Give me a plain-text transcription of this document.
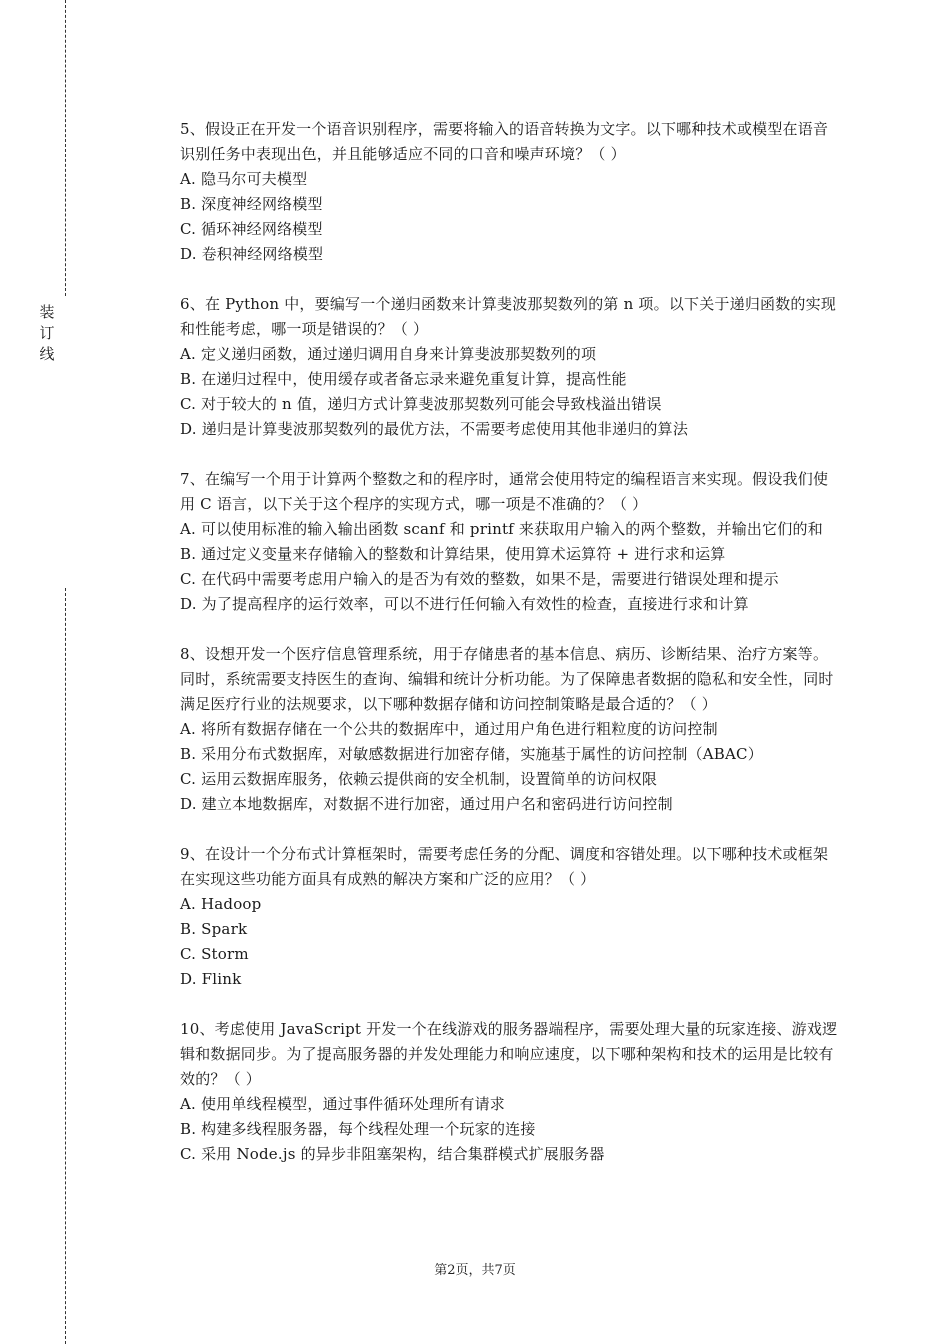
装
订
线

5、假设正在开发一个语音识别程序，需要将输入的语音转换为文字。以下哪种技术或模型在语音识别任务中表现出色，并且能够适应不同的口音和噪声环境？（ ）

A. 隐马尔可夫模型

B. 深度神经网络模型

C. 循环神经网络模型

D. 卷积神经网络模型

6、在 Python 中，要编写一个递归函数来计算斐波那契数列的第 n 项。以下关于递归函数的实现和性能考虑，哪一项是错误的？（ ）

A. 定义递归函数，通过递归调用自身来计算斐波那契数列的项

B. 在递归过程中，使用缓存或者备忘录来避免重复计算，提高性能

C. 对于较大的 n 值，递归方式计算斐波那契数列可能会导致栈溢出错误

D. 递归是计算斐波那契数列的最优方法，不需要考虑使用其他非递归的算法

7、在编写一个用于计算两个整数之和的程序时，通常会使用特定的编程语言来实现。假设我们使用 C 语言，以下关于这个程序的实现方式，哪一项是不准确的？（ ）

A. 可以使用标准的输入输出函数 scanf 和 printf 来获取用户输入的两个整数，并输出它们的和

B. 通过定义变量来存储输入的整数和计算结果，使用算术运算符 + 进行求和运算

C. 在代码中需要考虑用户输入的是否为有效的整数，如果不是，需要进行错误处理和提示

D. 为了提高程序的运行效率，可以不进行任何输入有效性的检查，直接进行求和计算

8、设想开发一个医疗信息管理系统，用于存储患者的基本信息、病历、诊断结果、治疗方案等。同时，系统需要支持医生的查询、编辑和统计分析功能。为了保障患者数据的隐私和安全性，同时满足医疗行业的法规要求，以下哪种数据存储和访问控制策略是最合适的？（ ）

A. 将所有数据存储在一个公共的数据库中，通过用户角色进行粗粒度的访问控制

B. 采用分布式数据库，对敏感数据进行加密存储，实施基于属性的访问控制（ABAC）

C. 运用云数据库服务，依赖云提供商的安全机制，设置简单的访问权限

D. 建立本地数据库，对数据不进行加密，通过用户名和密码进行访问控制

9、在设计一个分布式计算框架时，需要考虑任务的分配、调度和容错处理。以下哪种技术或框架在实现这些功能方面具有成熟的解决方案和广泛的应用？（ ）

A. Hadoop

B. Spark

C. Storm

D. Flink

10、考虑使用 JavaScript 开发一个在线游戏的服务器端程序，需要处理大量的玩家连接、游戏逻辑和数据同步。为了提高服务器的并发处理能力和响应速度，以下哪种架构和技术的运用是比较有效的？（ ）

A. 使用单线程模型，通过事件循环处理所有请求

B. 构建多线程服务器，每个线程处理一个玩家的连接

C. 采用 Node.js 的异步非阻塞架构，结合集群模式扩展服务器

第2页，共7页
